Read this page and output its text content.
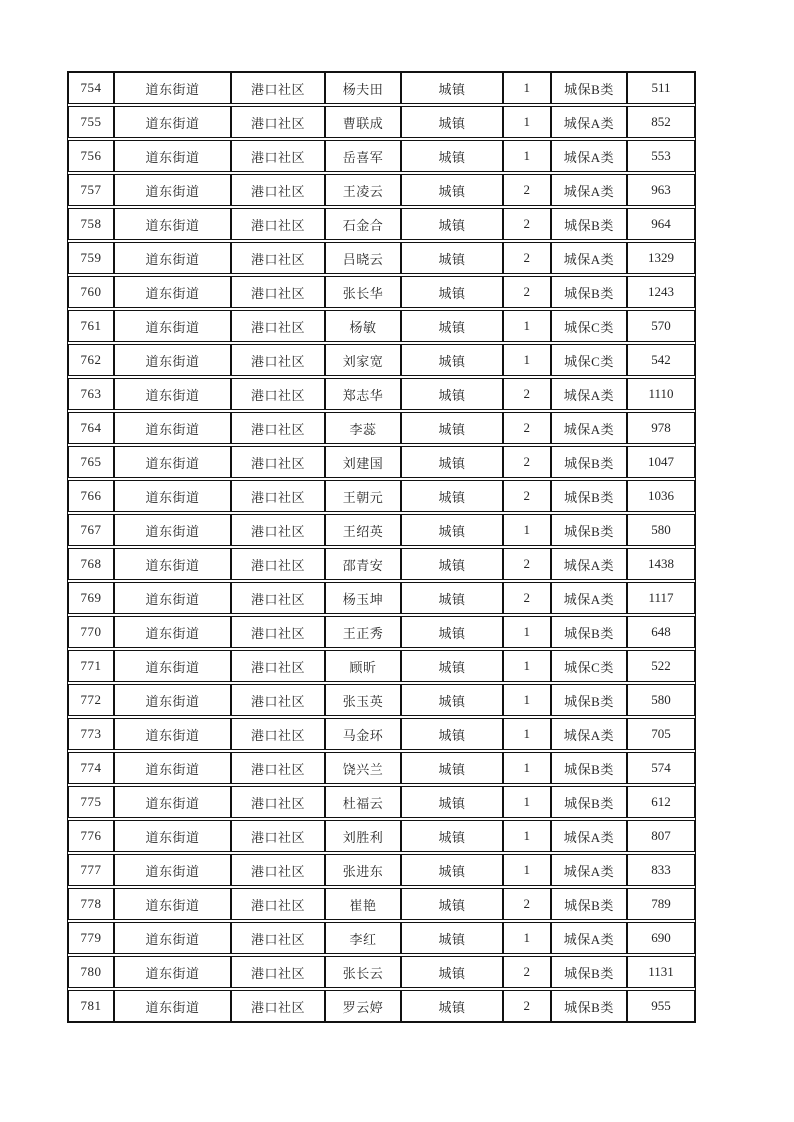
754	道东街道	港口社区	杨夫田	城镇	1	城保B类	511
755	道东街道	港口社区	曹联成	城镇	1	城保A类	852
756	道东街道	港口社区	岳喜军	城镇	1	城保A类	553
757	道东街道	港口社区	王凌云	城镇	2	城保A类	963
758	道东街道	港口社区	石金合	城镇	2	城保B类	964
759	道东街道	港口社区	吕晓云	城镇	2	城保A类	1329
760	道东街道	港口社区	张长华	城镇	2	城保B类	1243
761	道东街道	港口社区	杨敏	城镇	1	城保C类	570
762	道东街道	港口社区	刘家宽	城镇	1	城保C类	542
763	道东街道	港口社区	郑志华	城镇	2	城保A类	1110
764	道东街道	港口社区	李蕊	城镇	2	城保A类	978
765	道东街道	港口社区	刘建国	城镇	2	城保B类	1047
766	道东街道	港口社区	王朝元	城镇	2	城保B类	1036
767	道东街道	港口社区	王绍英	城镇	1	城保B类	580
768	道东街道	港口社区	邵青安	城镇	2	城保A类	1438
769	道东街道	港口社区	杨玉坤	城镇	2	城保A类	1117
770	道东街道	港口社区	王正秀	城镇	1	城保B类	648
771	道东街道	港口社区	顾昕	城镇	1	城保C类	522
772	道东街道	港口社区	张玉英	城镇	1	城保B类	580
773	道东街道	港口社区	马金环	城镇	1	城保A类	705
774	道东街道	港口社区	饶兴兰	城镇	1	城保B类	574
775	道东街道	港口社区	杜福云	城镇	1	城保B类	612
776	道东街道	港口社区	刘胜利	城镇	1	城保A类	807
777	道东街道	港口社区	张进东	城镇	1	城保A类	833
778	道东街道	港口社区	崔艳	城镇	2	城保B类	789
779	道东街道	港口社区	李红	城镇	1	城保A类	690
780	道东街道	港口社区	张长云	城镇	2	城保B类	1131
781	道东街道	港口社区	罗云婷	城镇	2	城保B类	955
